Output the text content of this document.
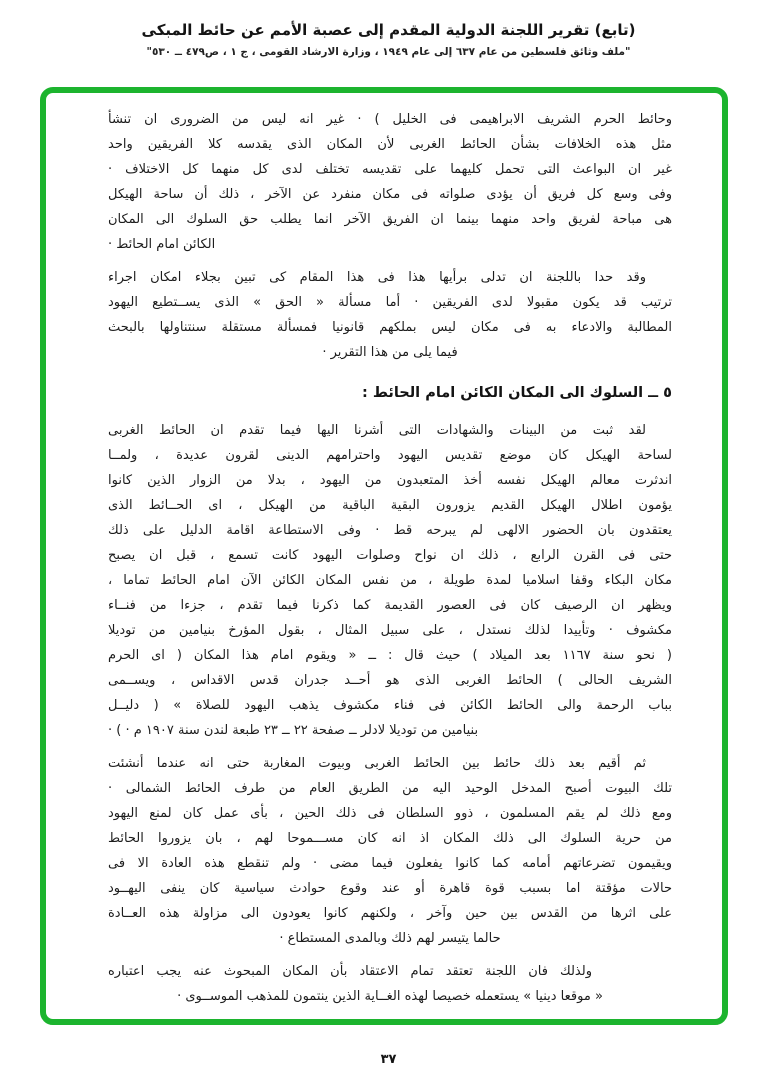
(تابع) تقرير اللجنة الدولية المقدم إلى عصبة الأمم عن حائط المبكى
"ملف وثائق فلسطين من عام ٦٣٧ إلى عام ١٩٤٩ ، وزارة الارشاد القومى ، ج ١ ، ص٤٧٩ ــ ٥٣٠"
وحائط الحرم الشريف الابراهيمى فى الخليل ) · غير انه ليس من الضرورى ان تنشأ
مثل هذه الخلافات بشأن الحائط الغربى لأن المكان الذى يقدسه كلا الفريقين واحد
غير ان البواعث التى تحمل كليهما على تقديسه تختلف لدى كل منهما كل الاختلاف ·
وفى وسع كل فريق أن يؤدى صلواته فى مكان منفرد عن الآخر ، ذلك أن ساحة الهيكل
هى مباحة لفريق واحد منهما بينما ان الفريق الآخر انما يطلب حق السلوك الى المكان
الكائن امام الحائط ·
وقد حدا باللجنة ان تدلى برأيها هذا فى هذا المقام كى تبين بجلاء امكان اجراء
ترتيب قد يكون مقبولا لدى الفريقين · أما مسألة « الحق » الذى يســتطيع اليهود
المطالبة والادعاء به فى مكان ليس بملكهم قانونيا فمسألة مستقلة سنتناولها بالبحث
فيما يلى من هذا التقرير ·
٥ ــ السلوك الى المكان الكائن امام الحائط :
لقد ثبت من البينات والشهادات التى أشرنا اليها فيما تقدم ان الحائط الغربى
لساحة الهيكل كان موضع تقديس اليهود واحترامهم الدينى لقرون عديدة ، ولمــا
اندثرت معالم الهيكل نفسه أخذ المتعبدون من اليهود ، بدلا من الزوار الذين كانوا
يؤمون اطلال الهيكل القديم يزورون البقية الباقية من الهيكل ، اى الحــائط الذى
يعتقدون بان الحضور الالهى لم يبرحه قط · وفى الاستطاعة اقامة الدليل على ذلك
حتى فى القرن الرابع ، ذلك ان نواح وصلوات اليهود كانت تسمع ، قبل ان يصبح
مكان البكاء وقفا اسلاميا لمدة طويلة ، من نفس المكان الكائن الآن امام الحائط تماما ،
ويظهر ان الرصيف كان فى العصور القديمة كما ذكرنا فيما تقدم ، جزءا من فنــاء
مكشوف · وتأييدا لذلك نستدل ، على سبيل المثال ، بقول المؤرخ بنيامين من توديلا
( نحو سنة ١١٦٧ بعد الميلاد ) حيث قال : ــ « ويقوم امام هذا المكان ( اى الحرم
الشريف الحالى ) الحائط الغربى الذى هو أحــد جدران قدس الاقداس ، ويســمى
بباب الرحمة والى الحائط الكائن فى فناء مكشوف يذهب اليهود للصلاة » ( دليــل
بنيامين من توديلا لادلر ــ صفحة ٢٢ ــ ٢٣ طبعة لندن سنة ١٩٠٧ م · ) ·
ثم أقيم بعد ذلك حائط بين الحائط الغربى وبيوت المغاربة حتى انه عندما أنشئت
تلك البيوت أصبح المدخل الوحيد اليه من الطريق العام من طرف الحائط الشمالى ·
ومع ذلك لم يقم المسلمون ، ذوو السلطان فى ذلك الحين ، بأى عمل كان لمنع اليهود
من حرية السلوك الى ذلك المكان اذ انه كان مســـموحا لهم ، بان يزوروا الحائط
ويقيمون تضرعاتهم أمامه كما كانوا يفعلون فيما مضى · ولم تنقطع هذه العادة الا فى
حالات مؤقتة اما بسبب قوة قاهرة أو عند وقوع حوادث سياسية كان ينفى اليهــود
على اثرها من القدس بين حين وآخر ، ولكنهم كانوا يعودون الى مزاولة هذه العــادة
حالما يتيسر لهم ذلك وبالمدى المستطاع ·
ولذلك فان اللجنة تعتقد تمام الاعتقاد بأن المكان المبحوث عنه يجب اعتباره
« موقعا دينيا » يستعمله خصيصا لهذه الغــاية الذين ينتمون للمذهب الموســوى ·
٣٧
